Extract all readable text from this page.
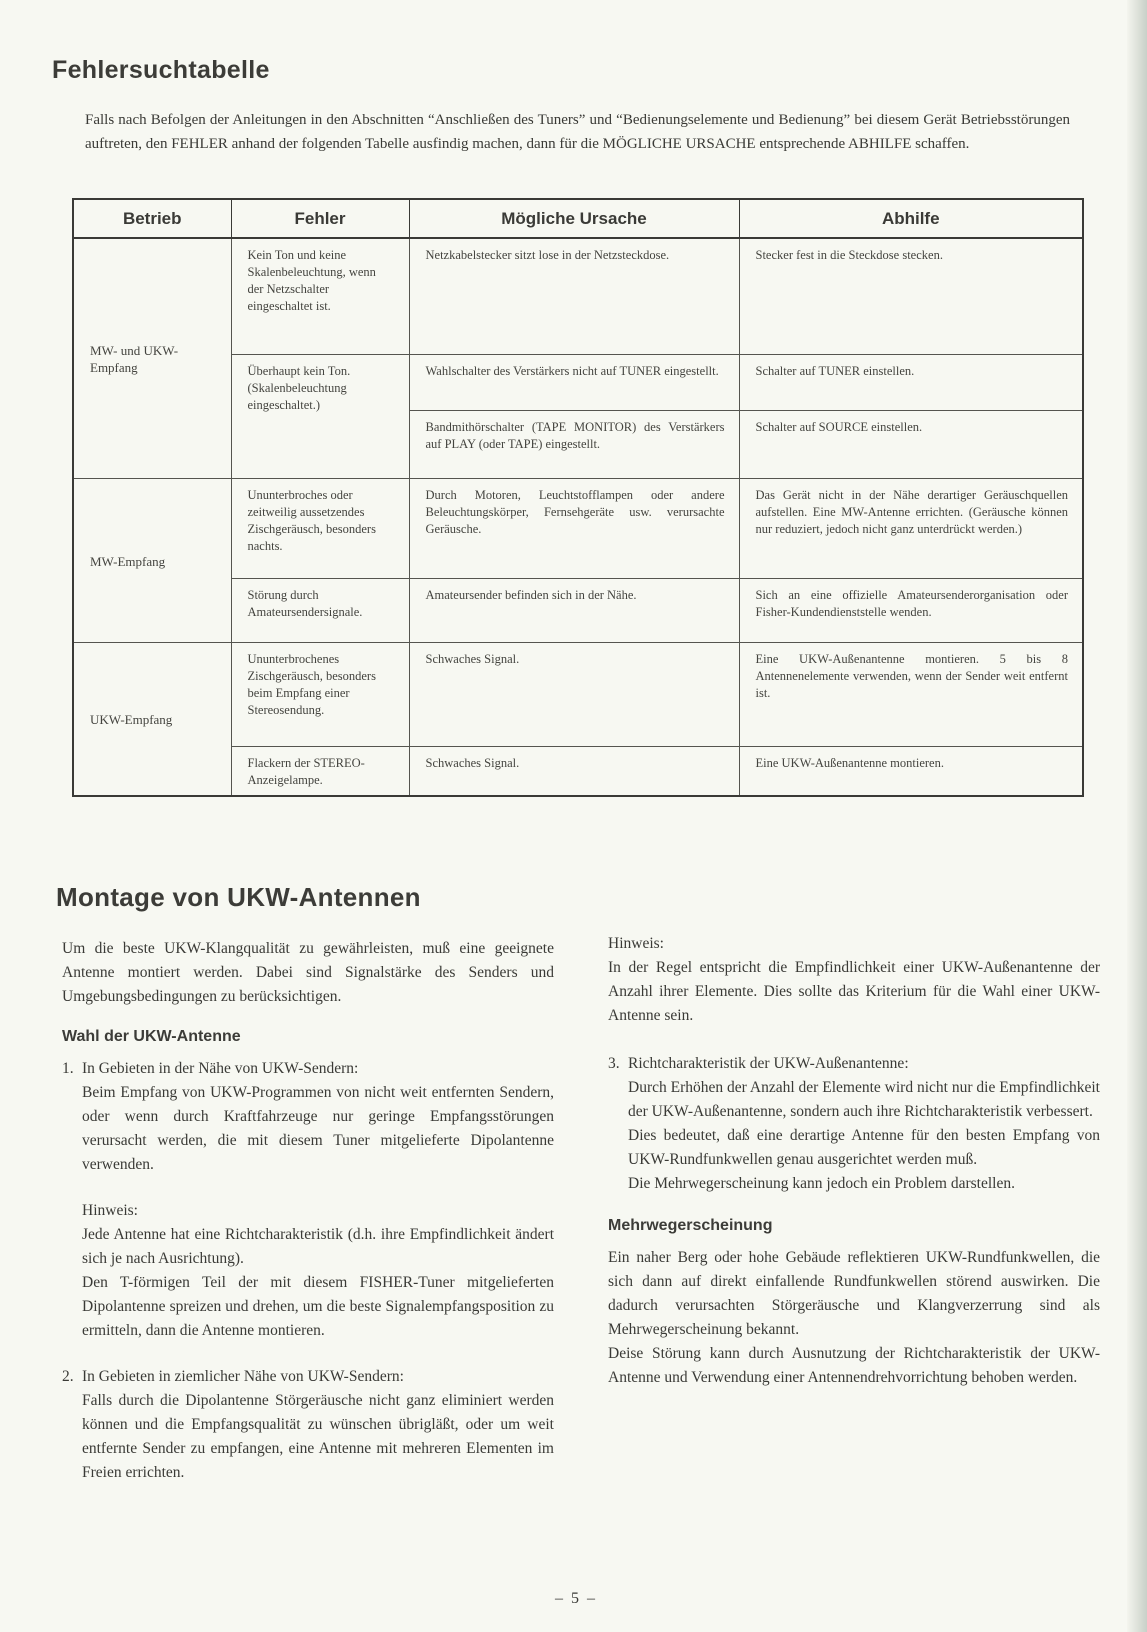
Fehlersuchtabelle

Falls nach Befolgen der Anleitungen in den Abschnitten “Anschließen des Tuners” und “Bedienungselemente und Bedienung” bei diesem Gerät Betriebsstörungen auftreten, den FEHLER anhand der folgenden Tabelle ausfindig machen, dann für die MÖGLICHE URSACHE entsprechende ABHILFE schaffen.

Betrieb	Fehler	Mögliche Ursache	Abhilfe
MW- und UKW-Empfang	Kein Ton und keine Skalenbeleuchtung, wenn der Netzschalter eingeschaltet ist.	Netzkabelstecker sitzt lose in der Netzsteckdose.	Stecker fest in die Steckdose stecken.
	Überhaupt kein Ton. (Skalenbeleuchtung eingeschaltet.)	Wahlschalter des Verstärkers nicht auf TUNER eingestellt.	Schalter auf TUNER einstellen.
		Bandmithörschalter (TAPE MONITOR) des Verstärkers auf PLAY (oder TAPE) eingestellt.	Schalter auf SOURCE einstellen.
MW-Empfang	Ununterbroches oder zeitweilig aussetzendes Zischgeräusch, besonders nachts.	Durch Motoren, Leuchtstofflampen oder andere Beleuchtungskörper, Fernsehgeräte usw. verursachte Geräusche.	Das Gerät nicht in der Nähe derartiger Geräuschquellen aufstellen. Eine MW-Antenne errichten. (Geräusche können nur reduziert, jedoch nicht ganz unterdrückt werden.)
	Störung durch Amateursendersignale.	Amateursender befinden sich in der Nähe.	Sich an eine offizielle Amateursenderorganisation oder Fisher-Kundendienststelle wenden.
UKW-Empfang	Ununterbrochenes Zischgeräusch, besonders beim Empfang einer Stereosendung.	Schwaches Signal.	Eine UKW-Außenantenne montieren. 5 bis 8 Antennenelemente verwenden, wenn der Sender weit entfernt ist.
	Flackern der STEREO-Anzeigelampe.	Schwaches Signal.	Eine UKW-Außenantenne montieren.
Montage von UKW-Antennen

Um die beste UKW-Klangqualität zu gewährleisten, muß eine geeignete Antenne montiert werden. Dabei sind Signalstärke des Senders und Umgebungsbedingungen zu berücksichtigen.

Wahl der UKW-Antenne
1. In Gebieten in der Nähe von UKW-Sendern:

Beim Empfang von UKW-Programmen von nicht weit entfernten Sendern, oder wenn durch Kraftfahrzeuge nur geringe Empfangsstörungen verursacht werden, die mit diesem Tuner mitgelieferte Dipolantenne verwenden.

Hinweis:

Jede Antenne hat eine Richtcharakteristik (d.h. ihre Empfindlichkeit ändert sich je nach Ausrichtung).

Den T-förmigen Teil der mit diesem FISHER-Tuner mitgelieferten Dipolantenne spreizen und drehen, um die beste Signalempfangsposition zu ermitteln, dann die Antenne montieren.

2. In Gebieten in ziemlicher Nähe von UKW-Sendern:

Falls durch die Dipolantenne Störgeräusche nicht ganz eliminiert werden können und die Empfangsqualität zu wünschen übrigläßt, oder um weit entfernte Sender zu empfangen, eine Antenne mit mehreren Elementen im Freien errichten.

Hinweis:

In der Regel entspricht die Empfindlichkeit einer UKW-Außenantenne der Anzahl ihrer Elemente. Dies sollte das Kriterium für die Wahl einer UKW-Antenne sein.

3. Richtcharakteristik der UKW-Außenantenne:

Durch Erhöhen der Anzahl der Elemente wird nicht nur die Empfindlichkeit der UKW-Außenantenne, sondern auch ihre Richtcharakteristik verbessert.

Dies bedeutet, daß eine derartige Antenne für den besten Empfang von UKW-Rundfunkwellen genau ausgerichtet werden muß.

Die Mehrwegerscheinung kann jedoch ein Problem darstellen.

Mehrwegerscheinung

Ein naher Berg oder hohe Gebäude reflektieren UKW-Rundfunkwellen, die sich dann auf direkt einfallende Rundfunkwellen störend auswirken. Die dadurch verursachten Störgeräusche und Klangverzerrung sind als Mehrwegerscheinung bekannt.

Deise Störung kann durch Ausnutzung der Richtcharakteristik der UKW-Antenne und Verwendung einer Antennendrehvorrichtung behoben werden.

– 5 –
